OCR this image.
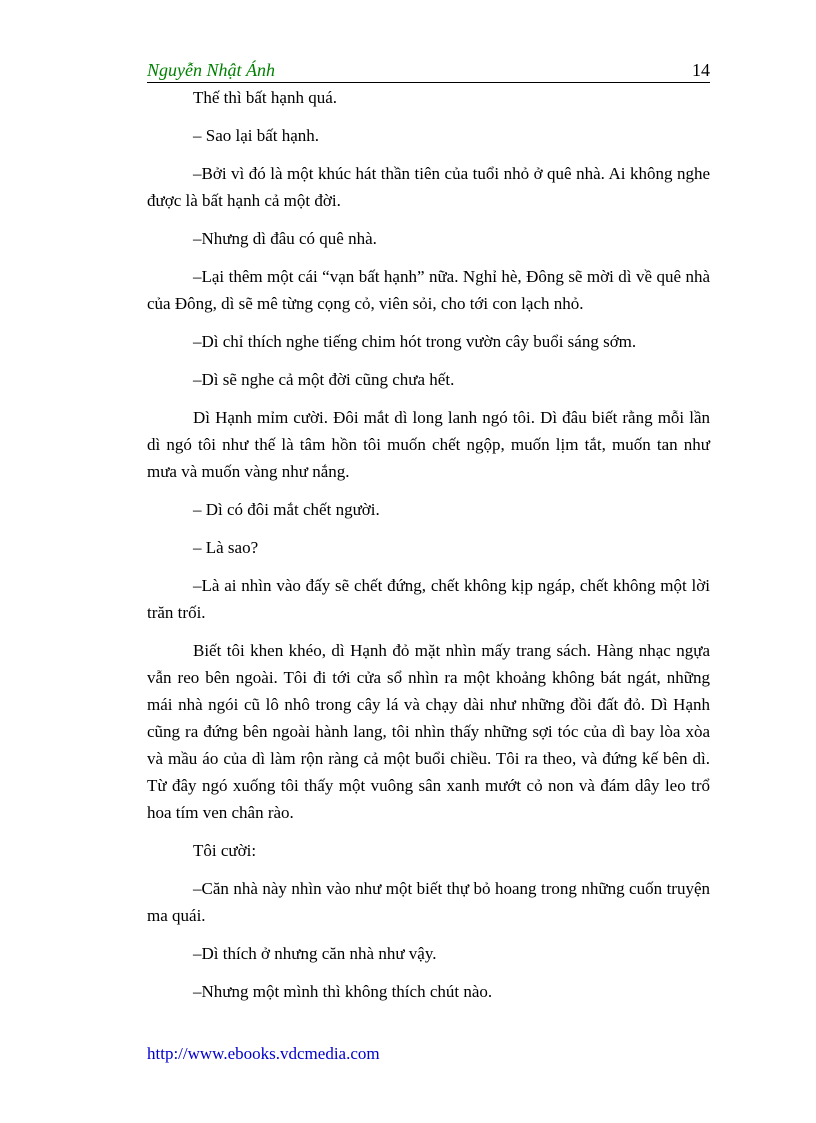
Nguyễn Nhật Ánh	14

Thế thì bất hạnh quá.

– Sao lại bất hạnh.

–Bởi vì đó là một khúc hát thần tiên của tuổi nhỏ ở quê nhà. Ai không nghe được là bất hạnh cả một đời.

–Nhưng dì đâu có quê nhà.

–Lại thêm một cái “vạn bất hạnh” nữa. Nghỉ hè, Đông sẽ mời dì về quê nhà của Đông, dì sẽ mê từng cọng cỏ, viên sỏi, cho tới con lạch nhỏ.

–Dì chỉ thích nghe tiếng chim hót trong vườn cây buổi sáng sớm.

–Dì sẽ nghe cả một đời cũng chưa hết.

Dì Hạnh mỉm cười. Đôi mắt dì long lanh ngó tôi. Dì đâu biết rằng mỗi lần dì ngó tôi như thế là tâm hồn tôi muốn chết ngộp, muốn lịm tắt, muốn tan như mưa và muốn vàng như nắng.

– Dì có đôi mắt chết người.

– Là sao?

–Là ai nhìn vào đấy sẽ chết đứng, chết không kịp ngáp, chết không một lời trăn trối.

Biết tôi khen khéo, dì Hạnh đỏ mặt nhìn mấy trang sách. Hàng nhạc ngựa vẫn reo bên ngoài. Tôi đi tới cửa sổ nhìn ra một khoảng không bát ngát, những mái nhà ngói cũ lô nhô trong cây lá và chạy dài như những đồi đất đỏ. Dì Hạnh cũng ra đứng bên ngoài hành lang, tôi nhìn thấy những sợi tóc của dì bay lòa xòa và mầu áo của dì làm rộn ràng cả một buổi chiều. Tôi ra theo, và đứng kế bên dì. Từ đây ngó xuống tôi thấy một vuông sân xanh mướt cỏ non và đám dây leo trổ hoa tím ven chân rào.

Tôi cười:

–Căn nhà này nhìn vào như một biết thự bỏ hoang trong những cuốn truyện ma quái.

–Dì thích ở nhưng căn nhà như vậy.

–Nhưng một mình thì không thích chút nào.

http://www.ebooks.vdcmedia.com
